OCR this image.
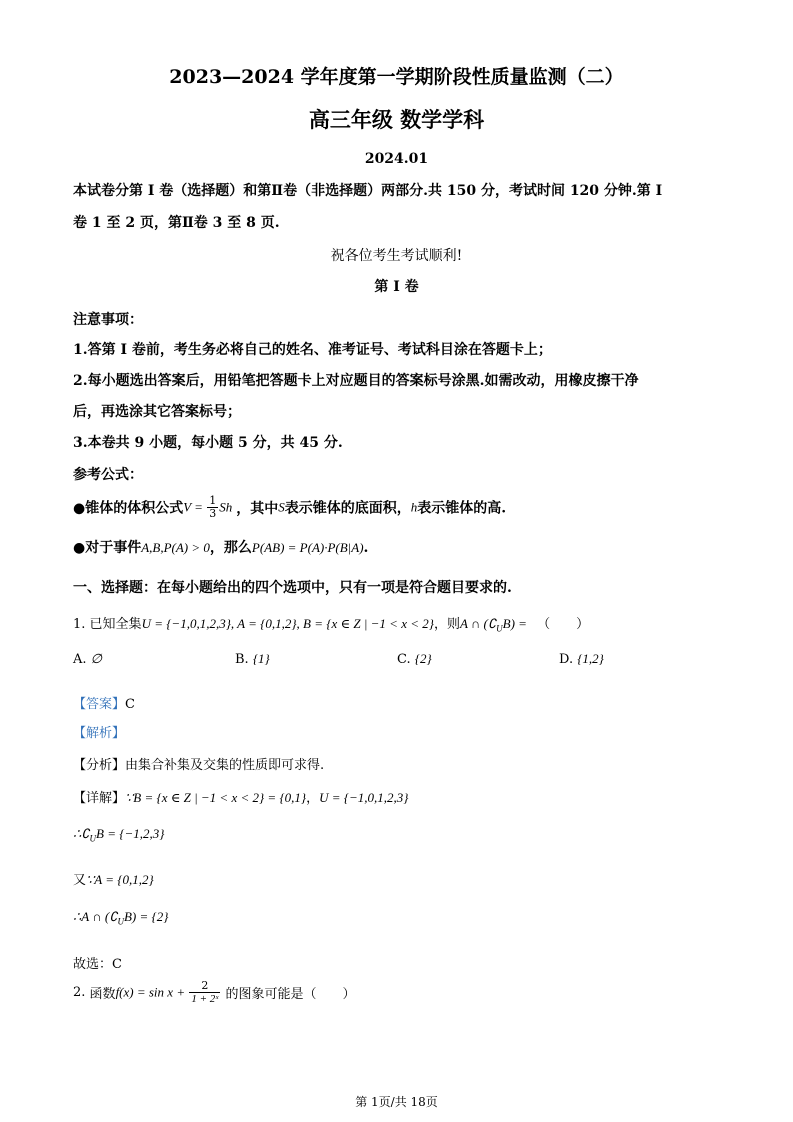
2023—2024 学年度第一学期阶段性质量监测（二）
高三年级 数学学科
2024.01
本试卷分第 I 卷（选择题）和第Ⅱ卷（非选择题）两部分.共 150 分，考试时间 120 分钟.第 I
卷 1 至 2 页，第Ⅱ卷 3 至 8 页.
祝各位考生考试顺利!
第 I 卷
注意事项：
1.答第 I 卷前，考生务必将自己的姓名、准考证号、考试科目涂在答题卡上；
2.每小题选出答案后，用铅笔把答题卡上对应题目的答案标号涂黑.如需改动，用橡皮擦干净
后，再选涂其它答案标号；
3.本卷共 9 小题，每小题 5 分，共 45 分.
参考公式：
●锥体的体积公式$V = \frac{1}{3}$ Sh ，其中S表示锥体的底面积，h表示锥体的高.
●对于事件A,B,P(A) > 0，那么P(AB) = P(A)·P(B|A).
一、选择题：在每小题给出的四个选项中，只有一项是符合题目要求的.
1. 已知全集U = {−1,0,1,2,3}, A = {0,1,2}, B = {x ∈ Z | −1 < x < 2}，则A ∩ $(∁_UB)$ = （　　）
A. ∅	B. {1}	C. {2}	D. {1,2}
【答案】C
【解析】
【分析】由集合补集及交集的性质即可求得.
【详解】∵B = {x ∈ Z | −1 < x < 2} = {0,1}，U = {−1,0,1,2,3}
$\therefore∁_UB = \{-1,2,3\}$
又∵A = {0,1,2}
∴A ∩ $(∁_UB) = \{2\}$
故选：C
2. 函数$f(x) = \sin x + \frac{2}{\text{1 + 2ˣ}}$ 的图象可能是（　　）
第 1页/共 18页
